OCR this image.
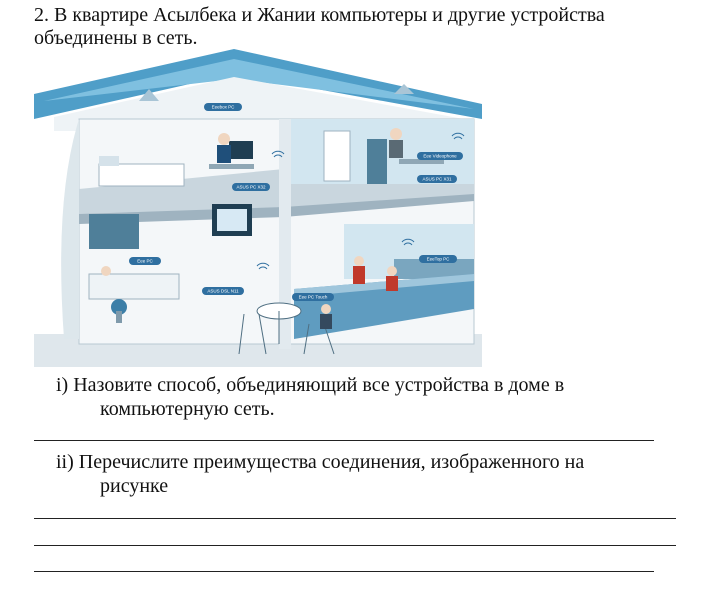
2. В квартире Асылбека и Жании компьютеры и другие устройства объединены в сеть.

Eeebox PC
Eee Videophone
ASUS PC X32
ASUS PC X31
Eee PC	EeeTop PC
ASUS DSL N11
Eee PC Touch

i) Назовите способ, объединяющий все устройства в доме в

компьютерную сеть.

ii) Перечислите преимущества соединения, изображенного на

рисунке
